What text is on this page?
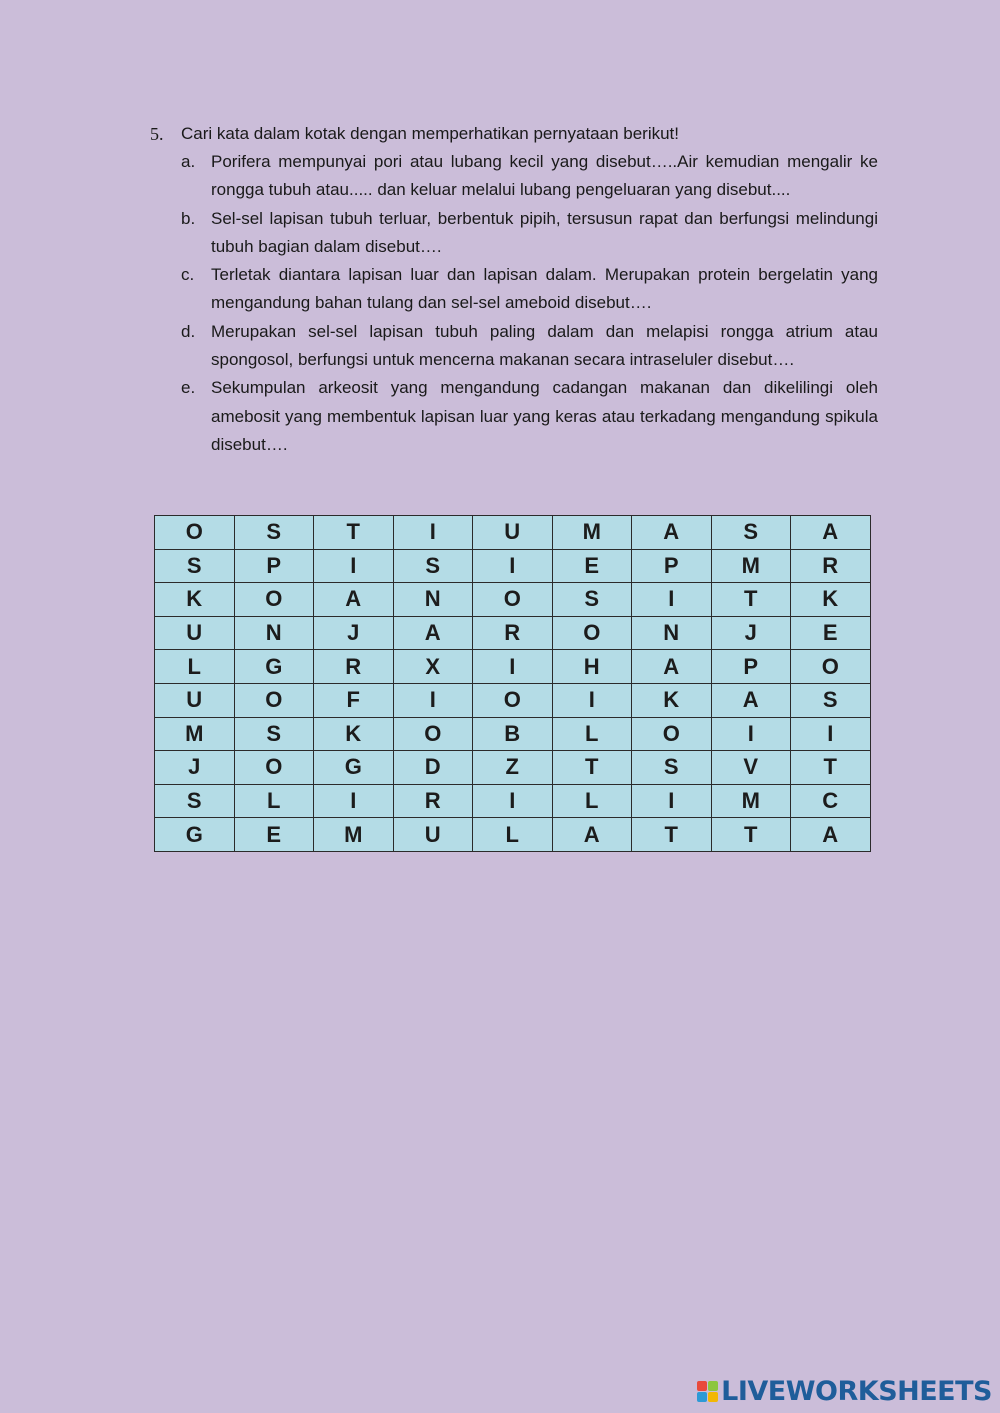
5.	Cari kata dalam kotak dengan memperhatikan pernyataan berikut!
a. Porifera mempunyai pori atau lubang kecil yang disebut…..Air kemudian mengalir ke rongga tubuh atau..... dan keluar melalui lubang pengeluaran yang disebut....
b. Sel-sel lapisan tubuh terluar, berbentuk pipih, tersusun rapat dan berfungsi melindungi tubuh bagian dalam disebut….
c. Terletak diantara lapisan luar dan lapisan dalam. Merupakan protein bergelatin yang mengandung bahan tulang dan sel-sel ameboid disebut….
d. Merupakan sel-sel lapisan tubuh paling dalam dan melapisi rongga atrium atau spongosol, berfungsi untuk mencerna makanan secara intraseluler disebut….
e. Sekumpulan arkeosit yang mengandung cadangan makanan dan dikelilingi oleh amebosit yang membentuk lapisan luar yang keras atau terkadang mengandung spikula disebut….
O	S	T	I	U	M	A	S	A
S	P	I	S	I	E	P	M	R
K	O	A	N	O	S	I	T	K
U	N	J	A	R	O	N	J	E
L	G	R	X	I	H	A	P	O
U	O	F	I	O	I	K	A	S
M	S	K	O	B	L	O	I	I
J	O	G	D	Z	T	S	V	T
S	L	I	R	I	L	I	M	C
G	E	M	U	L	A	T	T	A
LIVEWORKSHEETS
